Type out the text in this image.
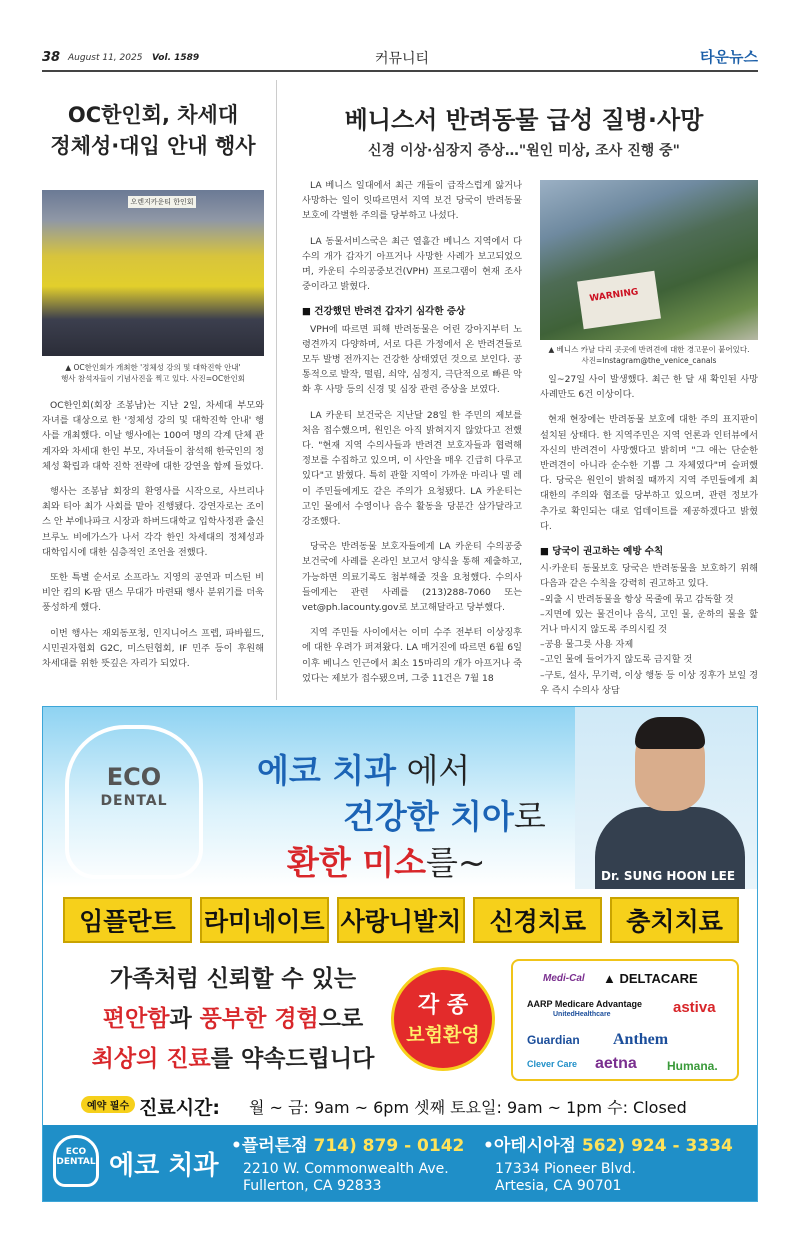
38 August 11, 2025 Vol. 1589	커뮤니티	타운뉴스
OC한인회, 차세대
정체성·대입 안내 행사
오렌지카운티 한인회
▲ OC한인회가 개최한 '정체성 강의 및 대학진학 안내'
행사 참석자들이 기념사진을 찍고 있다. 사진=OC한인회

OC한인회(회장 조봉남)는 지난 2일, 차세대 부모와 자녀를 대상으로 한 '정체성 강의 및 대학진학 안내' 행사를 개최했다. 이날 행사에는 100여 명의 각계 단체 관계자와 차세대 한인 부모, 자녀들이 참석해 한국인의 정체성 확립과 대학 진학 전략에 대한 강연을 함께 들었다.

행사는 조봉남 회장의 환영사를 시작으로, 사브리나 최와 티아 최가 사회를 맡아 진행됐다. 강연자로는 조이스 안 부에나파크 시장과 하버드대학교 입학사정관 출신 브루노 비에가스가 나서 각각 한인 차세대의 정체성과 대학입시에 대한 심층적인 조언을 전했다.

또한 특별 순서로 소프라노 지영의 공연과 미스틴 비비안 킴의 K-팝 댄스 무대가 마련돼 행사 분위기를 더욱 풍성하게 했다.

이번 행사는 재외동포청, 인지니어스 프렙, 파바월드, 시민권자협회 G2C, 미스틴협회, IF 민주 등이 후원해 차세대를 위한 뜻깊은 자리가 되었다.

베니스서 반려동물 급성 질병·사망
신경 이상·심장지 증상…"원인 미상, 조사 진행 중"

LA 베니스 일대에서 최근 개들이 급작스럽게 앓거나 사망하는 일이 잇따르면서 지역 보건 당국이 반려동물 보호에 각별한 주의를 당부하고 나섰다.

LA 동물서비스국은 최근 열흘간 베니스 지역에서 다수의 개가 갑자기 아프거나 사망한 사례가 보고되었으며, 카운티 수의공중보건(VPH) 프로그램이 현재 조사 중이라고 밝혔다.

■ 건강했던 반려견 갑자기 심각한 증상

VPH에 따르면 피해 반려동물은 어린 강아지부터 노령견까지 다양하며, 서로 다른 가정에서 온 반려견들로 모두 발병 전까지는 건강한 상태였던 것으로 보인다. 공통적으로 발작, 떨림, 쇠약, 심정지, 극단적으로 빠른 악화 후 사망 등의 신경 및 심장 관련 증상을 보였다.

LA 카운티 보건국은 지난달 28일 한 주민의 제보를 처음 접수했으며, 원인은 아직 밝혀지지 않았다고 전했다. "현재 지역 수의사들과 반려견 보호자들과 협력해 정보를 수집하고 있으며, 이 사안을 매우 긴급히 다루고 있다"고 밝혔다. 특히 관할 지역이 가까운 마리나 델 레이 주민들에게도 같은 주의가 요청됐다. LA 카운티는 고인 물에서 수영이나 음수 활동을 당분간 삼가달라고 강조했다.

당국은 반려동물 보호자들에게 LA 카운티 수의공중보건국에 사례를 온라인 보고서 양식을 통해 제출하고, 가능하면 의료기록도 첨부해줄 것을 요청했다. 수의사들에게는 관련 사례를 (213)288-7060 또는 vet@ph.lacounty.gov로 보고해달라고 당부했다.

지역 주민들 사이에서는 이미 수주 전부터 이상징후에 대한 우려가 퍼져왔다. LA 매거진에 따르면 6월 6일 이후 베니스 인근에서 최소 15마리의 개가 아프거나 죽었다는 제보가 접수됐으며, 그중 11건은 7월 18

WARNING
▲ 베니스 카날 다리 곳곳에 반려견에 대한 경고문이 붙어있다.
사진=Instagram@the_venice_canals

일~27일 사이 발생했다. 최근 한 달 새 확인된 사망 사례만도 6건 이상이다.

현재 현장에는 반려동물 보호에 대한 주의 표지판이 설치된 상태다. 한 지역주민은 지역 언론과 인터뷰에서 자신의 반려견이 사망했다고 밝히며 "그 애는 단순한 반려견이 아니라 순수한 기쁨 그 자체였다"며 슬퍼했다. 당국은 원인이 밝혀질 때까지 지역 주민들에게 최대한의 주의와 협조를 당부하고 있으며, 관련 정보가 추가로 확인되는 대로 업데이트를 제공하겠다고 밝혔다.

■ 당국이 권고하는 예방 수칙
시·카운티 동물보호 당국은 반려동물을 보호하기 위해 다음과 같은 수칙을 강력히 권고하고 있다.
–외출 시 반려동물을 항상 목줄에 묶고 감독할 것
–지면에 있는 물건이나 음식, 고인 물, 운하의 물을 핥거나 마시지 않도록 주의시킬 것
–공용 물그릇 사용 자제
–고인 물에 들어가지 않도록 금지할 것
–구토, 설사, 무기력, 이상 행동 등 이상 징후가 보일 경우 즉시 수의사 상담
ECO
DENTAL
에코 치과 에서
건강한 치아로
환한 미소를~	Dr. SUNG HOON LEE
임플란트	라미네이트 사랑니발치	신경치료	충치치료
가족처럼 신뢰할 수 있는
편안함과 풍부한 경험으로
최상의 진료를 약속드립니다
각 종
보험환영
Medi-Cal ▲ DELTACARE
AARP Medicare Advantage
UnitedHealthcare	astiva
Guardian Anthem
Clever Care aetna	Humana.
예약 필수 진료시간: 월 ~ 금: 9am ~ 6pm 셋째 토요일: 9am ~ 1pm 수: Closed
ECO DENTAL 에코 치과
•플러튼점 714) 879 - 0142
2210 W. Commonwealth Ave.
Fullerton, CA 92833
•아테시아점 562) 924 - 3334
17334 Pioneer Blvd.
Artesia, CA 90701
